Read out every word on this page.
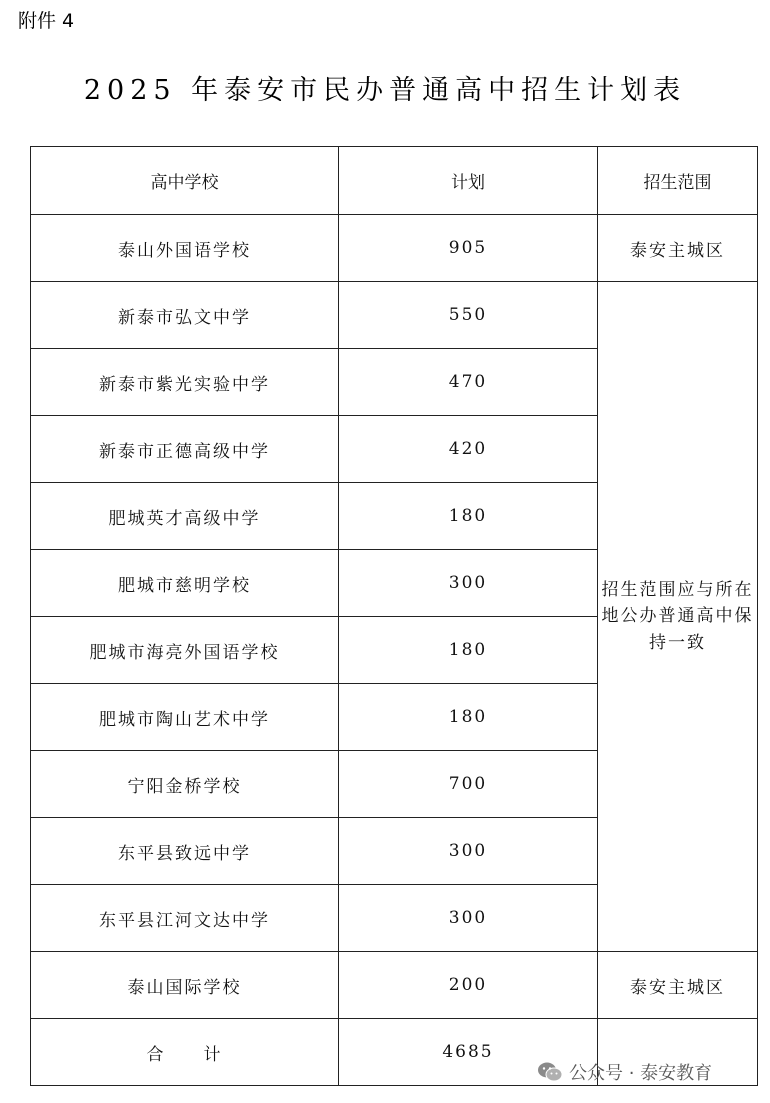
附件 4
2025 年泰安市民办普通高中招生计划表
高中学校	计划	招生范围
泰山外国语学校	905	泰安主城区
新泰市弘文中学	550	招生范围应与所在地公办普通高中保持一致
新泰市紫光实验中学	470	
新泰市正德高级中学	420	
肥城英才高级中学	180	
肥城市慈明学校	300	
肥城市海亮外国语学校	180	
肥城市陶山艺术中学	180	
宁阳金桥学校	700	
东平县致远中学	300	
东平县江河文达中学	300	
泰山国际学校	200	泰安主城区
合　　计	4685	
公众号 · 泰安教育
